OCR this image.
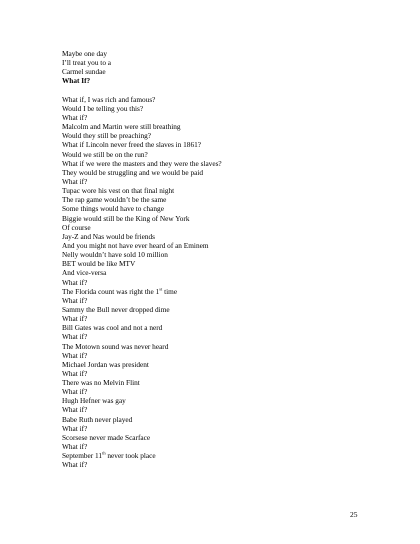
Maybe one day
I’ll treat you to a
Carmel sundae
What If?
What if, I was rich and famous?
Would I be telling you this?
What if?
Malcolm and Martin were still breathing
Would they still be preaching?
What if Lincoln never freed the slaves in 1861?
Would we still be on the run?
What if we were the masters and they were the slaves?
They would be struggling and we would be paid
What if?
Tupac wore his vest on that final night
The rap game wouldn’t be the same
Some things would have to change
Biggie would still be the King of New York
Of course
Jay-Z and Nas would be friends
And you might not have ever heard of an Eminem
Nelly wouldn’t have sold 10 million
BET would be like MTV
And vice-versa
What if?
The Florida count was right the 1st time
What if?
Sammy the Bull never dropped dime
What if?
Bill Gates was cool and not a nerd
What if?
The Motown sound was never heard
What if?
Michael Jordan was president
What if?
There was no Melvin Flint
What if?
Hugh Hefner was gay
What if?
Babe Ruth never played
What if?
Scorsese never made Scarface
What if?
September 11th never took place
What if?
25
